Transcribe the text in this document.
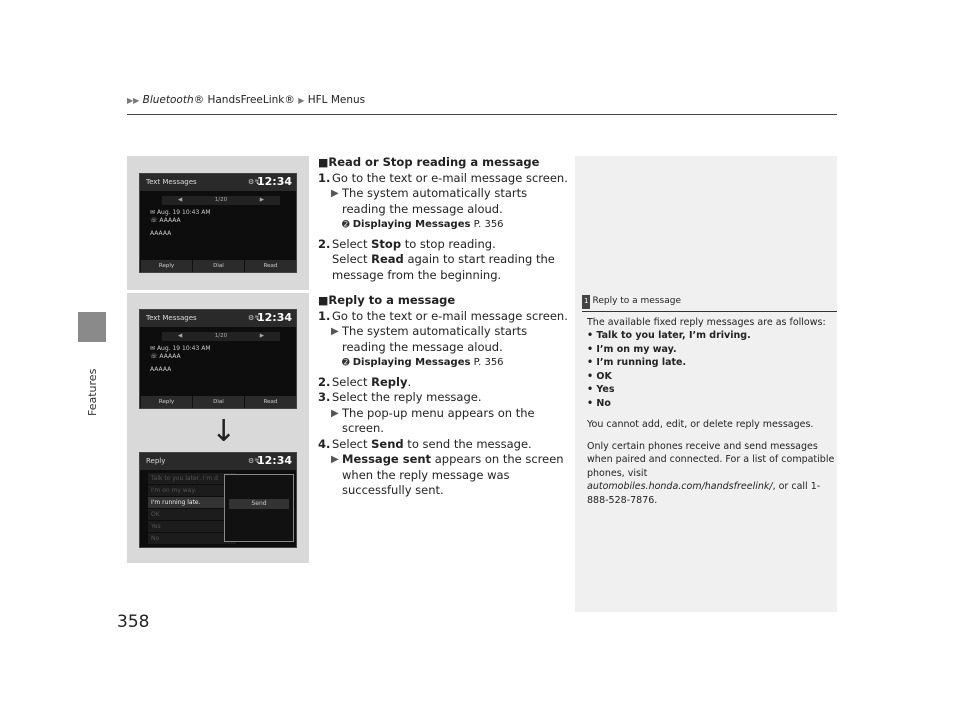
▶▶ Bluetooth® HandsFreeLink® ▶ HFL Menus
Features
358
Text Messages	⚙↯
12:34
◀	1/20	▶
✉ Aug. 19 10:43 AM
☏ AAAAA
AAAAA
Reply	Dial	Read
Text Messages	⚙↯
12:34
◀	1/20	▶
✉ Aug. 19 10:43 AM
☏ AAAAA
AAAAA
Reply	Dial	Read
Reply	⚙↯
12:34
Talk to you later, I'm d
I'm on my way.
I'm running late.
OK
Yes
No
Send
↓
■Read or Stop reading a message
1. Go to the text or e-mail message screen.
▶ The system automatically starts reading the message aloud.
➋ Displaying Messages P. 356
2. Select Stop to stop reading.
Select Read again to start reading the message from the beginning.
■Reply to a message
1. Go to the text or e-mail message screen.
▶ The system automatically starts reading the message aloud.
➋ Displaying Messages P. 356
2. Select Reply.
3. Select the reply message.
▶ The pop-up menu appears on the screen.
4. Select Send to send the message.
▶ Message sent appears on the screen when the reply message was successfully sent.
1 Reply to a message
The available fixed reply messages are as follows:
• Talk to you later, I’m driving.
• I’m on my way.
• I’m running late.
• OK
• Yes
• No
You cannot add, edit, or delete reply messages.
Only certain phones receive and send messages when paired and connected. For a list of compatible phones, visit automobiles.honda.com/handsfreelink/, or call 1-888-528-7876.
